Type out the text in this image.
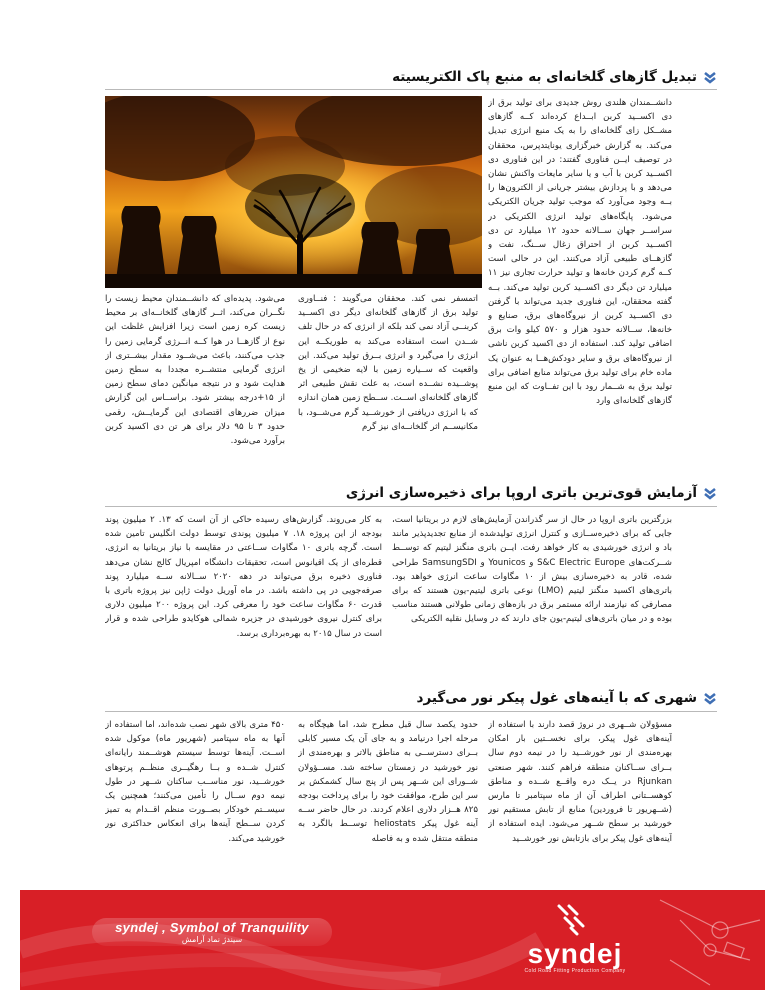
تبدیل گازهای گلخانه‌ای به منبع پاک الکتریسیته

دانشــمندان هلندی روش جدیدی برای تولید برق از دی اکســید کربن ابــداع کرده‌اند کــه گازهای مشــکل زای گلخانه‌ای را به یک منبع انرژی تبدیل می‌کند. به گزارش خبرگزاری یونایتدپرس، محققان در توصیف ایــن فناوری گفتند: در این فناوری دی اکســید کربن با آب و یا سایر مایعات واکنش نشان می‌دهد و با پردازش بیشتر جریانی از الکترون‌ها را بــه وجود می‌آورد که موجب تولید جریان الکتریکی می‌شود. پایگاه‌های تولید انرژی الکتریکی در سراســر جهان ســالانه حدود ۱۲ میلیارد تن دی اکســید کربن از احتراق زغال ســنگ، نفت و گازهــای طبیعی آزاد می‌کنند. این در حالی است کــه گرم کردن خانه‌ها و تولید حرارت تجاری نیز ۱۱ میلیارد تن دیگر دی اکســید کربن تولید می‌کند. بــه گفته محققان، این فناوری جدید می‌تواند با گرفتن دی اکســید کربن از نیروگاه‌های برق، صنایع و خانه‌ها، ســالانه حدود هزار و ۵۷۰ کیلو وات برق اضافی تولید کند. استفاده از دی اکسید کربن ناشی از نیروگاه‌های برق و سایر دودکش‌هــا به عنوان یک ماده خام برای تولید برق می‌تواند منابع اضافی برای تولید برق به شــمار رود با این تفــاوت که این منبع گازهای گلخانه‌ای وارد

اتمسفر نمی کند. محققان می‌گویند : فنــاوری تولید برق از گازهای گلخانه‌ای دیگر دی اکســید کربنــی آزاد نمی کند بلکه از انرژی که در حال تلف شــدن است استفاده می‌کند به طوریکــه این انرژی را می‌گیرد و انرژی بــرق تولید می‌کند. این واقعیت که ســیاره زمین با لایه ضخیمی از یخ پوشــیده نشــده است، به علت نقش طبیعی اثر گازهای گلخانه‌ای اســت. ســطح زمین همان اندازه که با انرژی دریافتی از خورشــید گرم می‌شــود، با مکانیســم اثر گلخانــه‌ای نیز گرم

می‌شود. پدیده‌ای که دانشــمندان محیط زیست را نگــران می‌کند، اثــر گازهای گلخانــه‌ای بر محیط زیست کره زمین است زیرا افزایش غلظت این نوع از گازهــا در هوا کــه انــرژی گرمایی زمین را جذب می‌کنند، باعث می‌شــود مقدار بیشــتری از انرژی گرمایی منتشــره مجددا به سطح زمین هدایت شود و در نتیجه میانگین دمای سطح زمین از ۱۵+درجه بیشتر شود. براســاس این گزارش میزان ضررهای اقتصادی این گرمایــش، رقمی حدود ۳ تا ۹۵ دلار برای هر تن دی اکسید کربن برآورد می‌شود.

آزمایش قوی‌ترین باتری اروپا برای ذخیره‌سازی انرژی

بزرگترین باتری اروپا در حال از سر گذراندن آزمایش‌های لازم در بریتانیا است، جایی که برای ذخیره‌ســازی و کنترل انرژی تولیدشده از منابع تجدیدپذیر مانند باد و انرژی خورشیدی به کار خواهد رفت. ایــن باتری منگنز لیتیم که توســط شــرکت‌های S&C Electric Europe و Younicos و SamsungSDI طراحی شده، قادر به ذخیره‌سازی بیش از ۱۰ مگاوات ساعت انرژی خواهد بود. باتری‌های اکسید منگنز لیتیم (LMO) نوعی باتری لیتیم-یون هستند که برای مصارفی که نیازمند ارائه مستمر برق در بازه‌های زمانی طولانی هستند مناسب بوده و در میان باتری‌های لیتیم-یون جای دارند که در وسایل نقلیه الکتریکی

به کار می‌روند. گزارش‌های رسیده حاکی از آن است که ۱۳. ۲ میلیون پوند بودجه از این پروژه ۱۸. ۷ میلیون پوندی توسط دولت انگلیس تامین شده است. گرچه باتری ۱۰ مگاوات ســاعتی در مقایسه با نیاز بریتانیا به انرژی، قطره‌ای از یک اقیانوس است، تحقیقات دانشگاه امپریال کالج نشان می‌دهد فناوری ذخیره برق می‌تواند در دهه ۲۰۲۰ ســالانه ســه میلیارد پوند صرفه‌جویی در پی داشته باشد. در ماه آوریل دولت ژاپن نیز پروژه باتری با قدرت ۶۰ مگاوات ساعت خود را معرفی کرد. این پروژه ۲۰۰ میلیون دلاری برای کنترل نیروی خورشیدی در جزیره شمالی هوکایدو طراحی شده و قرار است در سال ۲۰۱۵ به بهره‌برداری برسد.

شهری که با آینه‌های غول پیکر نور می‌گیرد

مسؤولان شــهری در نروژ قصد دارند با استفاده از آینه‌های غول پیکر، برای نخســتین بار امکان بهره‌مندی از نور خورشــید را در نیمه دوم سال بــرای ســاکنان منطقه فراهم کنند. شهر صنعتی Rjunkan در یــک دره واقــع شــده و مناطق کوهســتانی اطراف آن از ماه سپتامبر تا مارس (شــهریور تا فروردین) منابع از تابش مستقیم نور خورشید بر سطح شــهر می‌شود. ایده استفاده از آینه‌های غول پیکر برای بازتابش نور خورشــید

حدود یکصد سال قبل مطرح شد، اما هیچگاه به مرحله اجرا درنیامد و به جای آن یک مسیر کابلی بــرای دسترســی به مناطق بالاتر و بهره‌مندی از نور خورشید در زمستان ساخته شد. مســؤولان شــورای این شــهر پس از پنج سال کشمکش بر سر این طرح، موافقت خود را برای پرداخت بودجه ۸۲۵ هــزار دلاری اعلام کردند. در حال حاضر ســه آینه غول پیکر heliostats توســط بالگرد به منطقه منتقل شده و به فاصله

۴۵۰ متری بالای شهر نصب شده‌اند، اما استفاده از آنها به ماه سپتامبر (شهریور ماه) موکول شده اســت. آینه‌ها توسط سیستم هوشــمند رایانه‌ای کنترل شــده و بــا رهگیــری منظــم پرتوهای خورشــید، نور مناســب ساکنان شــهر در طول نیمه دوم ســال را تأمین می‌کنند؛ همچنین یک سیســتم خودکار بصــورت منظم اقــدام به تمیز کردن ســطح آینه‌ها برای انعکاس حداکثری نور خورشید می‌کند.

syndej , Symbol of Tranquility
سیندژ نماد آرامش	syndej
Cold Road Fitting Production Company
